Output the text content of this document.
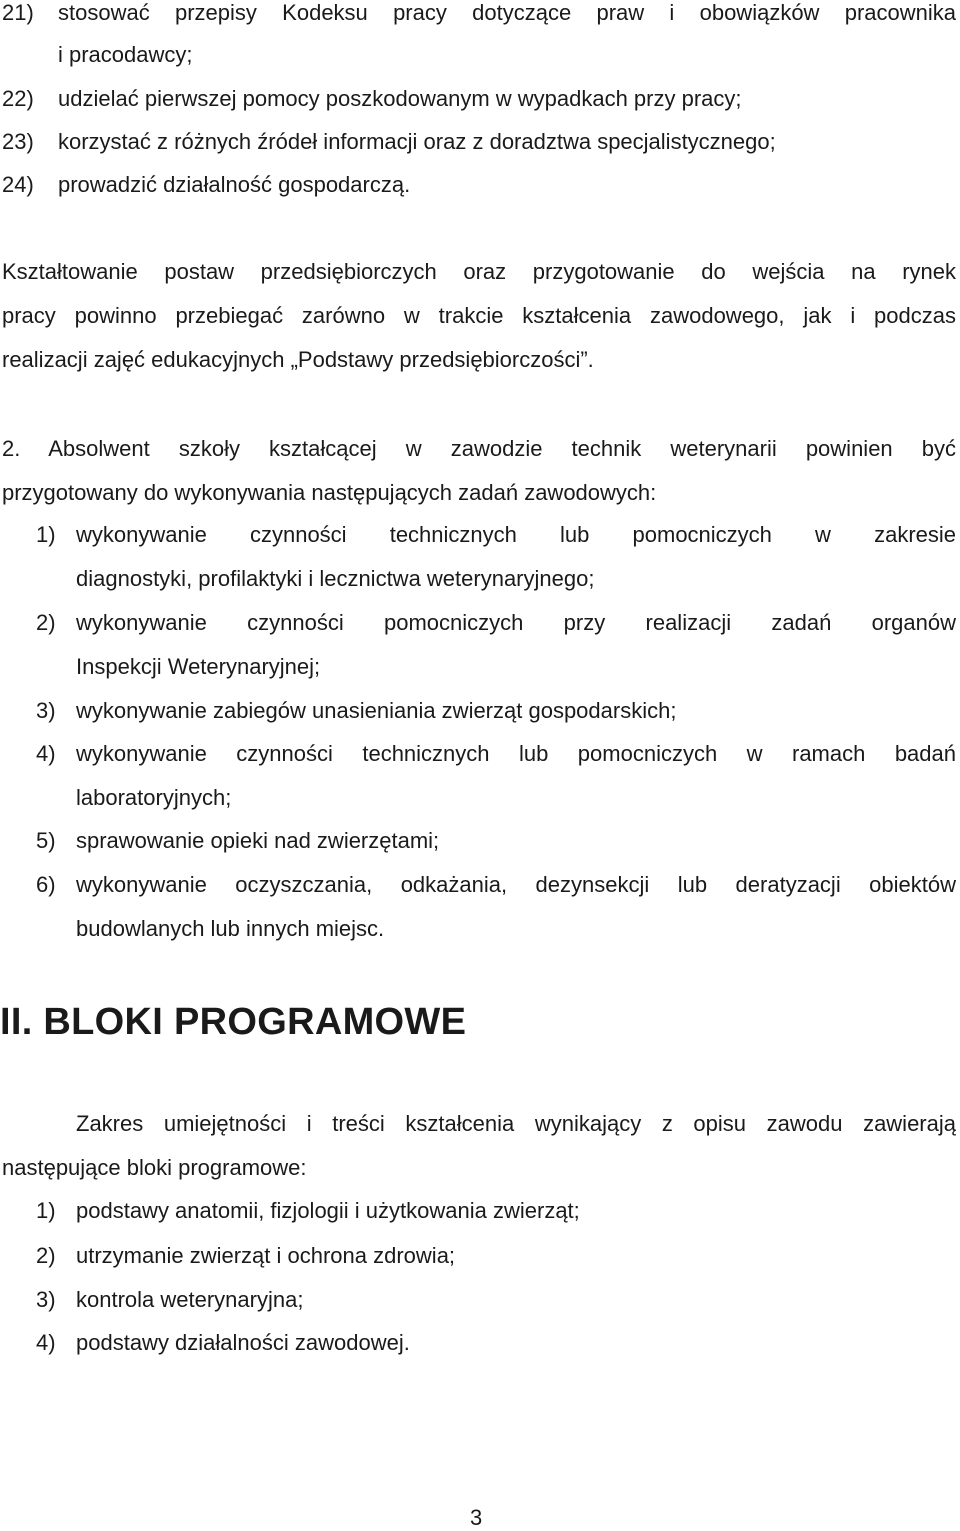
21) stosować przepisy Kodeksu pracy dotyczące praw i obowiązków pracownika
i pracodawcy;
22) udzielać pierwszej pomocy poszkodowanym w wypadkach przy pracy;
23) korzystać z różnych źródeł informacji oraz z doradztwa specjalistycznego;
24) prowadzić działalność gospodarczą.
Kształtowanie postaw przedsiębiorczych oraz przygotowanie do wejścia na rynek
pracy powinno przebiegać zarówno w trakcie kształcenia zawodowego, jak i podczas
realizacji zajęć edukacyjnych „Podstawy przedsiębiorczości”.
2. Absolwent szkoły kształcącej w zawodzie technik weterynarii powinien być
przygotowany do wykonywania następujących zadań zawodowych:
1) wykonywanie czynności technicznych lub pomocniczych w zakresie
diagnostyki, profilaktyki i lecznictwa weterynaryjnego;
2) wykonywanie czynności pomocniczych przy realizacji zadań organów
Inspekcji Weterynaryjnej;
3) wykonywanie zabiegów unasieniania zwierząt gospodarskich;
4) wykonywanie czynności technicznych lub pomocniczych w ramach badań
laboratoryjnych;
5) sprawowanie opieki nad zwierzętami;
6) wykonywanie oczyszczania, odkażania, dezynsekcji lub deratyzacji obiektów
budowlanych lub innych miejsc.
II. BLOKI PROGRAMOWE
Zakres umiejętności i treści kształcenia wynikający z opisu zawodu zawierają
następujące bloki programowe:
1) podstawy anatomii, fizjologii i użytkowania zwierząt;
2) utrzymanie zwierząt i ochrona zdrowia;
3) kontrola weterynaryjna;
4) podstawy działalności zawodowej.
3
